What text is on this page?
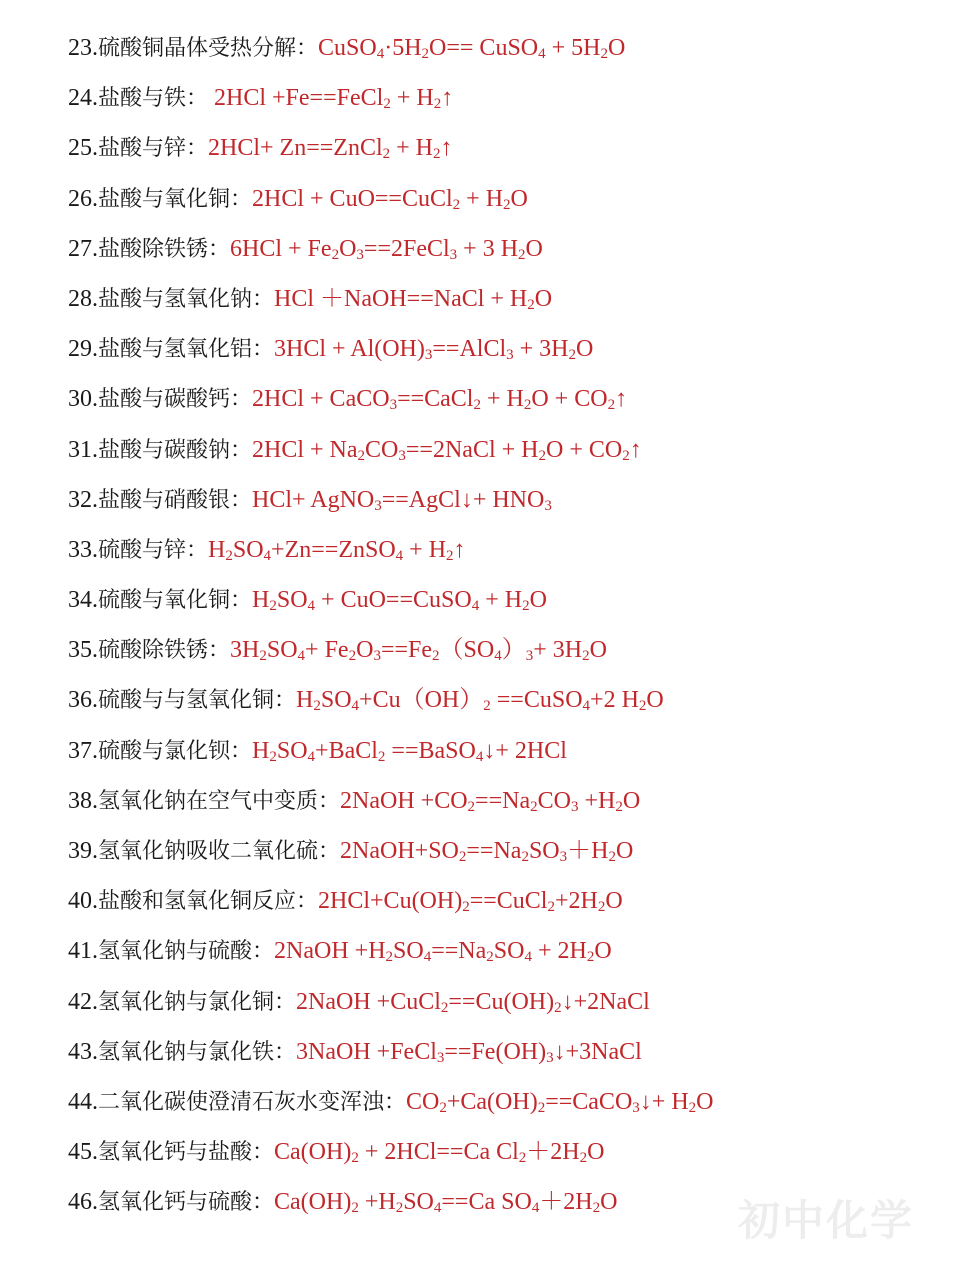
23.硫酸铜晶体受热分解：$CuSO_4\cdot 5H_2O==$ CuSO$_4$ + $5H_2O$
24.盐酸与铁： 2HCl +Fe==FeCl$_2$ + $H_2↑$
25.盐酸与锌：2HCl+ Zn==ZnCl$_2$ + $H_2↑$
26.盐酸与氧化铜：2HCl + CuO==CuCl$_2$ + $H_2O$
27.盐酸除铁锈：$6HCl + Fe_2O_3==2FeCl_3 + 3$ $H_2O$
28.盐酸与氢氧化钠：HCl ＋NaOH==NaCl + $H_2O$
29.盐酸与氢氧化铝：$3HCl + Al(OH)_3==AlCl_3 + 3H_2O$
30.盐酸与碳酸钙：2HCl + CaCO$_3$==CaCl$_2$ + $H_2O$ + $CO_2↑$
31.盐酸与碳酸钠：$2HCl + Na_2CO_3==2NaCl + H_2O$ + $CO_2↑$
32.盐酸与硝酸银：HCl+ AgNO$_3$==AgCl↓+ $HNO_3$
33.硫酸与锌：$H_2SO_4+Zn==ZnSO_4$ + $H_2↑$
34.硫酸与氧化铜：$H_2SO_4$ + CuO==CuSO$_4$ + $H_2O$
35.硫酸除铁锈：$3H_2SO_4+ Fe_2O_3==Fe_2(SO_4)_3+ 3H_2O$
36.硫酸与与氢氧化铜：$H_2SO_4+Cu(OH)_2$ ==CuSO$_4$+2 $H_2O$
37.硫酸与氯化钡：$H_2SO_4+BaCl_2$ ==BaSO$_4$↓+ 2HCl
38.氢氧化钠在空气中变质：2NaOH $+CO_2==Na_2CO_3 +H_2O$
39.氢氧化钠吸收二氧化硫：$2NaOH+SO_2==Na_2SO_3+H_2O$
40.盐酸和氢氧化铜反应：$2HCl+Cu(OH)_2==CuCl_2+2H_2O$
41.氢氧化钠与硫酸：2NaOH $+H_2SO_4==Na_2SO_4 + 2H_2O$
42.氢氧化钠与氯化铜：2NaOH $+CuCl_2==Cu(OH)_2↓+2NaCl$
43.氢氧化钠与氯化铁：3NaOH $+FeCl_3==Fe(OH)_3↓+3NaCl$
44.二氧化碳使澄清石灰水变浑浊：$CO_2+Ca(OH)_2==CaCO_3↓+ H_2O$
45.氢氧化钙与盐酸：$Ca(OH)_2 + 2HCl==Ca$ $Cl_2+2H_2O$
46.氢氧化钙与硫酸：$Ca(OH)_2 +H_2SO_4==Ca$ $SO_4+2H_2O$	初中化学
